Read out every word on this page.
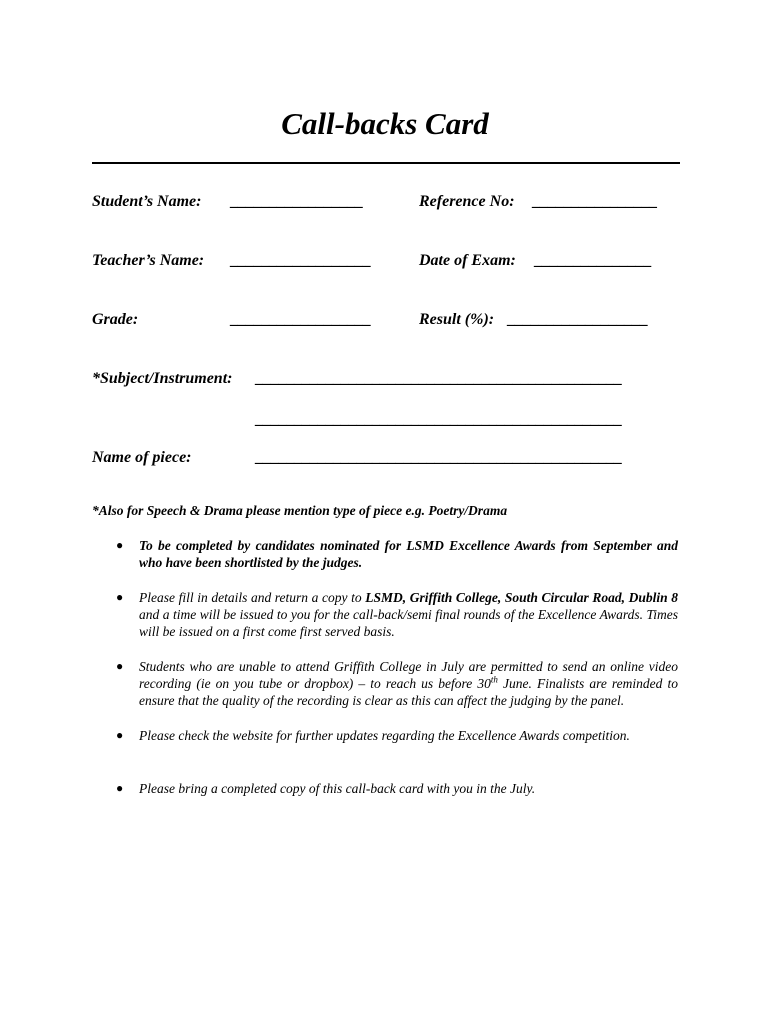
Call-backs Card
Student’s Name: _________________	Reference No: ________________
Teacher’s Name: __________________	Date of Exam: _______________
Grade:	__________________	Result (%): __________________
*Subject/Instrument: _______________________________________________
_______________________________________________
Name of piece:	_______________________________________________
*Also for Speech & Drama please mention type of piece e.g. Poetry/Drama
● To be completed by candidates nominated for LSMD Excellence Awards from September and who have been shortlisted by the judges.
● Please fill in details and return a copy to LSMD, Griffith College, South Circular Road, Dublin 8 and a time will be issued to you for the call-back/semi final rounds of the Excellence Awards. Times will be issued on a first come first served basis.
● Students who are unable to attend Griffith College in July are permitted to send an online video recording (ie on you tube or dropbox) – to reach us before 30th June. Finalists are reminded to ensure that the quality of the recording is clear as this can affect the judging by the panel.
● Please check the website for further updates regarding the Excellence Awards competition.
● Please bring a completed copy of this call-back card with you in the July.
